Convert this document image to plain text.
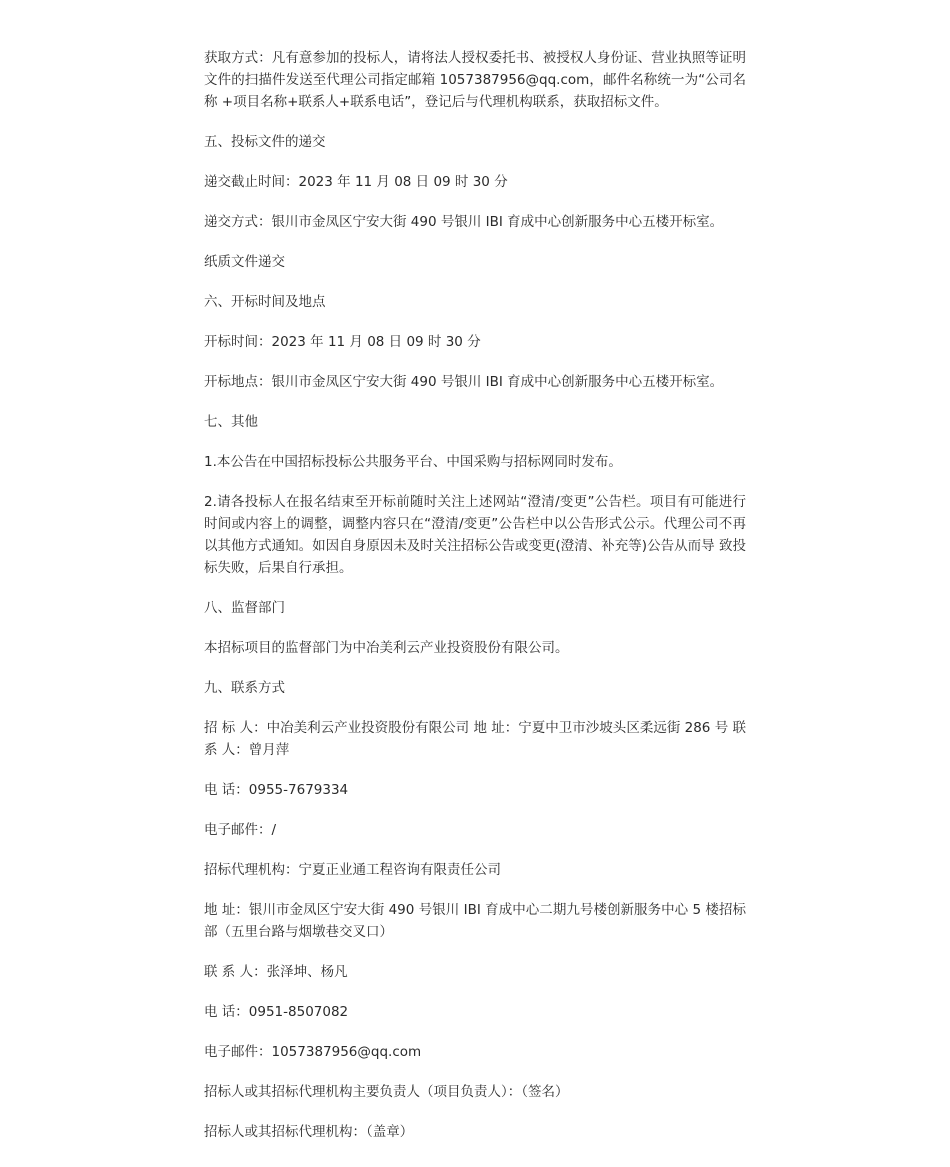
获取方式：凡有意参加的投标人，请将法人授权委托书、被授权人身份证、营业执照等证明文件的扫描件发送至代理公司指定邮箱 1057387956@qq.com，邮件名称统一为“公司名称 +项目名称+联系人+联系电话”，登记后与代理机构联系，获取招标文件。

五、投标文件的递交

递交截止时间：2023 年 11 月 08 日 09 时 30 分

递交方式：银川市金凤区宁安大街 490 号银川 IBI 育成中心创新服务中心五楼开标室。

纸质文件递交

六、开标时间及地点

开标时间：2023 年 11 月 08 日 09 时 30 分

开标地点：银川市金凤区宁安大街 490 号银川 IBI 育成中心创新服务中心五楼开标室。

七、其他

1.本公告在中国招标投标公共服务平台、中国采购与招标网同时发布。

2.请各投标人在报名结束至开标前随时关注上述网站“澄清/变更”公告栏。项目有可能进行时间或内容上的调整，调整内容只在“澄清/变更”公告栏中以公告形式公示。代理公司不再以其他方式通知。如因自身原因未及时关注招标公告或变更(澄清、补充等)公告从而导 致投标失败，后果自行承担。

八、监督部门

本招标项目的监督部门为中冶美利云产业投资股份有限公司。

九、联系方式

招 标 人：中冶美利云产业投资股份有限公司 地 址：宁夏中卫市沙坡头区柔远街 286 号 联 系 人：曾月萍

电 话：0955-7679334

电子邮件：/

招标代理机构：宁夏正业通工程咨询有限责任公司

地 址：银川市金凤区宁安大街 490 号银川 IBI 育成中心二期九号楼创新服务中心 5 楼招标部（五里台路与烟墩巷交叉口）

联 系 人：张泽坤、杨凡

电 话：0951-8507082

电子邮件：1057387956@qq.com

招标人或其招标代理机构主要负责人（项目负责人）：（签名）

招标人或其招标代理机构：（盖章）
